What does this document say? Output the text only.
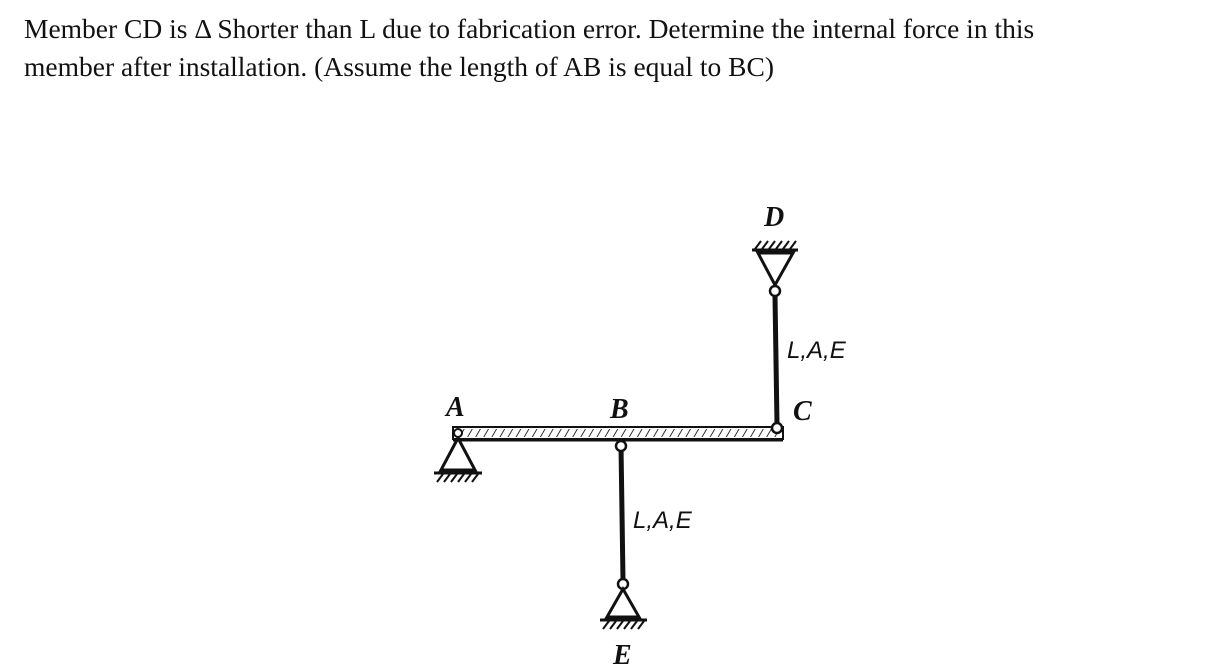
Member CD is Δ Shorter than L due to fabrication error. Determine the internal force in this
member after installation. (Assume the length of AB is equal to BC)
A	B	C
D
E
L,A,E
L,A,E
